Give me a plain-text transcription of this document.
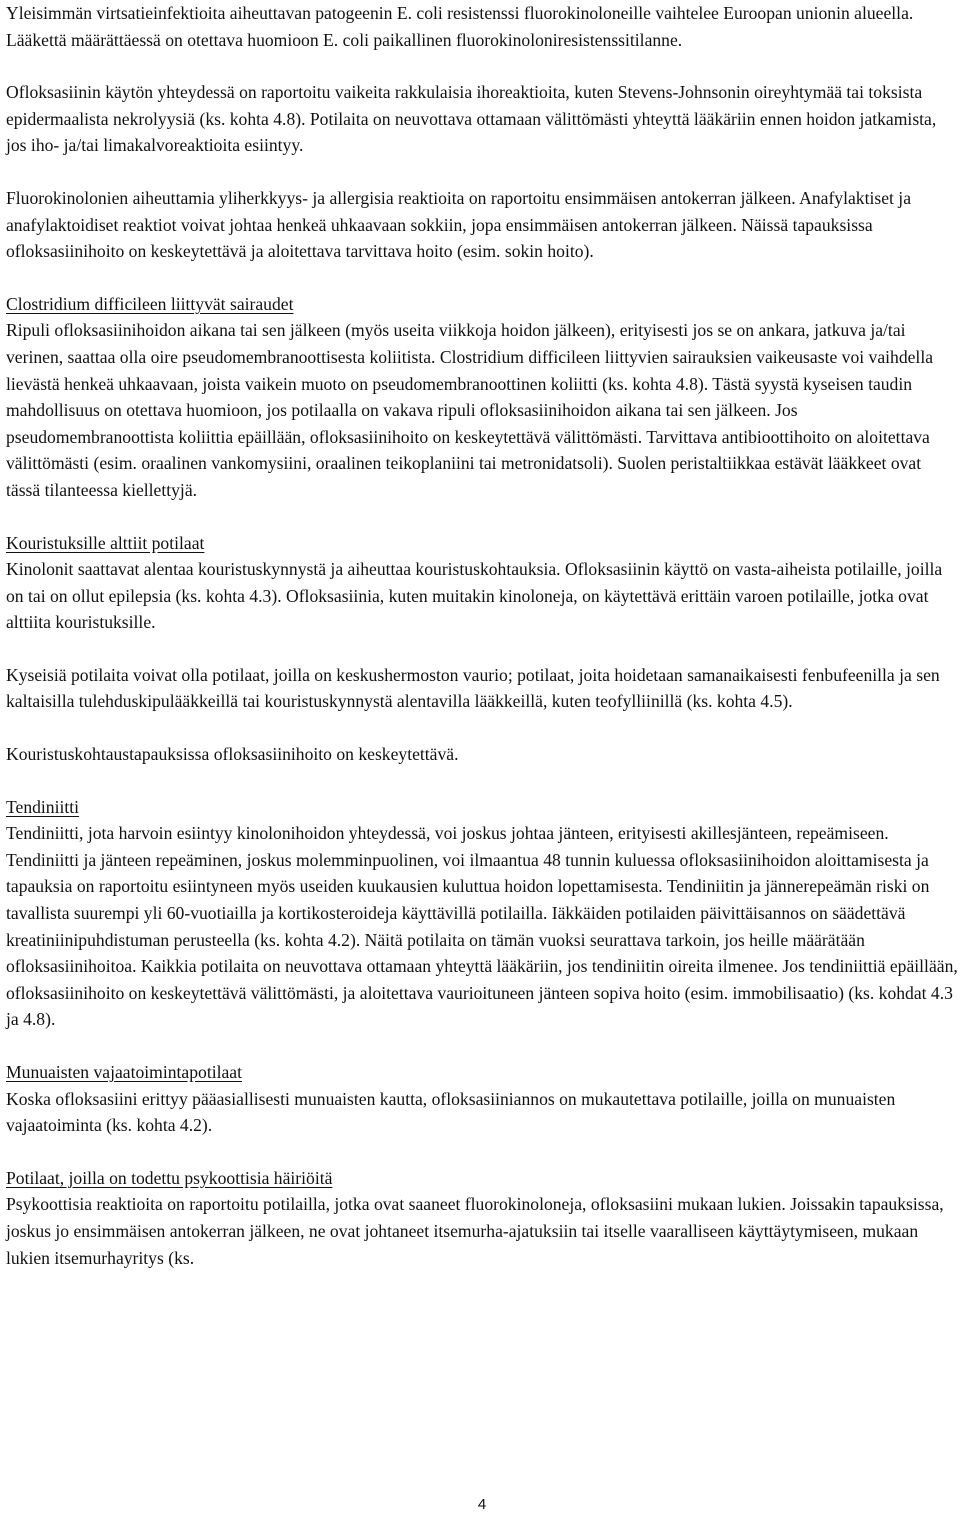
Yleisimmän virtsatieinfektioita aiheuttavan patogeenin E. coli resistenssi fluorokinoloneille vaihtelee Euroopan unionin alueella. Lääkettä määrättäessä on otettava huomioon E. coli paikallinen fluorokinoloniresistenssitilanne.

Ofloksasiinin käytön yhteydessä on raportoitu vaikeita rakkulaisia ihoreaktioita, kuten Stevens-Johnsonin oireyhtymää tai toksista epidermaalista nekrolyysiä (ks. kohta 4.8). Potilaita on neuvottava ottamaan välittömästi yhteyttä lääkäriin ennen hoidon jatkamista, jos iho- ja/tai limakalvoreaktioita esiintyy.

Fluorokinolonien aiheuttamia yliherkkyys- ja allergisia reaktioita on raportoitu ensimmäisen antokerran jälkeen. Anafylaktiset ja anafylaktoidiset reaktiot voivat johtaa henkeä uhkaavaan sokkiin, jopa ensimmäisen antokerran jälkeen. Näissä tapauksissa ofloksasiinihoito on keskeytettävä ja aloitettava tarvittava hoito (esim. sokin hoito).

Clostridium difficileen liittyvät sairaudet

Ripuli ofloksasiinihoidon aikana tai sen jälkeen (myös useita viikkoja hoidon jälkeen), erityisesti jos se on ankara, jatkuva ja/tai verinen, saattaa olla oire pseudomembranoottisesta koliitista. Clostridium difficileen liittyvien sairauksien vaikeusaste voi vaihdella lievästä henkeä uhkaavaan, joista vaikein muoto on pseudomembranoottinen koliitti (ks. kohta 4.8). Tästä syystä kyseisen taudin mahdollisuus on otettava huomioon, jos potilaalla on vakava ripuli ofloksasiinihoidon aikana tai sen jälkeen. Jos pseudomembranoottista koliittia epäillään, ofloksasiinihoito on keskeytettävä välittömästi. Tarvittava antibioottihoito on aloitettava välittömästi (esim. oraalinen vankomysiini, oraalinen teikoplaniini tai metronidatsoli). Suolen peristaltiikkaa estävät lääkkeet ovat tässä tilanteessa kiellettyjä.

Kouristuksille alttiit potilaat

Kinolonit saattavat alentaa kouristuskynnystä ja aiheuttaa kouristuskohtauksia. Ofloksasiinin käyttö on vasta-aiheista potilaille, joilla on tai on ollut epilepsia (ks. kohta 4.3). Ofloksasiinia, kuten muitakin kinoloneja, on käytettävä erittäin varoen potilaille, jotka ovat alttiita kouristuksille.

Kyseisiä potilaita voivat olla potilaat, joilla on keskushermoston vaurio; potilaat, joita hoidetaan samanaikaisesti fenbufeenilla ja sen kaltaisilla tulehduskipulääkkeillä tai kouristuskynnystä alentavilla lääkkeillä, kuten teofylliinillä (ks. kohta 4.5).

Kouristuskohtaustapauksissa ofloksasiinihoito on keskeytettävä.

Tendiniitti

Tendiniitti, jota harvoin esiintyy kinolonihoidon yhteydessä, voi joskus johtaa jänteen, erityisesti akillesjänteen, repeämiseen. Tendiniitti ja jänteen repeäminen, joskus molemminpuolinen, voi ilmaantua 48 tunnin kuluessa ofloksasiinihoidon aloittamisesta ja tapauksia on raportoitu esiintyneen myös useiden kuukausien kuluttua hoidon lopettamisesta. Tendiniitin ja jännerepeämän riski on tavallista suurempi yli 60-vuotiailla ja kortikosteroideja käyttävillä potilailla. Iäkkäiden potilaiden päivittäisannos on säädettävä kreatiniinipuhdistuman perusteella (ks. kohta 4.2). Näitä potilaita on tämän vuoksi seurattava tarkoin, jos heille määrätään ofloksasiinihoitoa. Kaikkia potilaita on neuvottava ottamaan yhteyttä lääkäriin, jos tendiniitin oireita ilmenee. Jos tendiniittiä epäillään, ofloksasiinihoito on keskeytettävä välittömästi, ja aloitettava vaurioituneen jänteen sopiva hoito (esim. immobilisaatio) (ks. kohdat 4.3 ja 4.8).

Munuaisten vajaatoimintapotilaat

Koska ofloksasiini erittyy pääasiallisesti munuaisten kautta, ofloksasiiniannos on mukautettava potilaille, joilla on munuaisten vajaatoiminta (ks. kohta 4.2).

Potilaat, joilla on todettu psykoottisia häiriöitä

Psykoottisia reaktioita on raportoitu potilailla, jotka ovat saaneet fluorokinoloneja, ofloksasiini mukaan lukien. Joissakin tapauksissa, joskus jo ensimmäisen antokerran jälkeen, ne ovat johtaneet itsemurha-ajatuksiin tai itselle vaaralliseen käyttäytymiseen, mukaan lukien itsemurhayritys (ks.

4
